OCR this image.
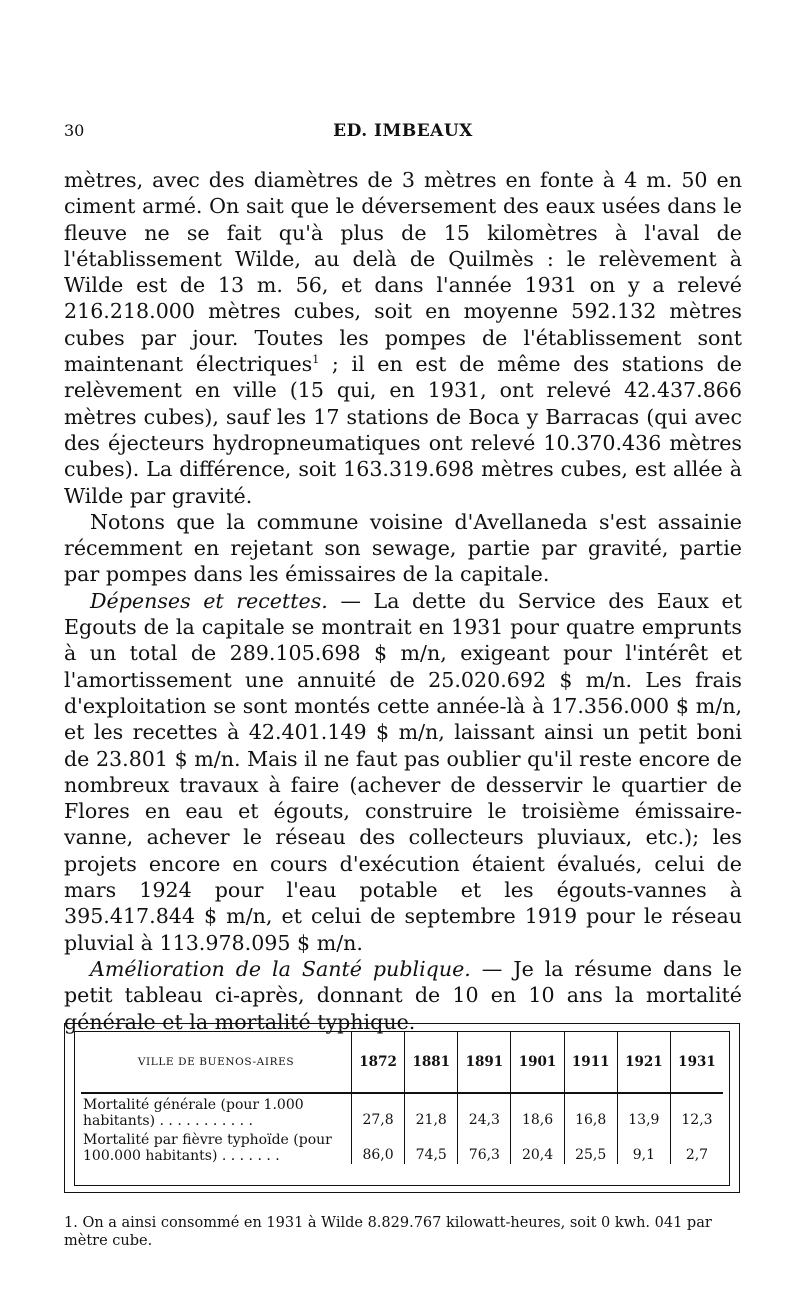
30	ED. IMBEAUX

mètres, avec des diamètres de 3 mètres en fonte à 4 m. 50 en ciment armé. On sait que le déversement des eaux usées dans le fleuve ne se fait qu'à plus de 15 kilomètres à l'aval de l'établissement Wilde, au delà de Quilmès : le relèvement à Wilde est de 13 m. 56, et dans l'année 1931 on y a relevé 216.218.000 mètres cubes, soit en moyenne 592.132 mètres cubes par jour. Toutes les pompes de l'établissement sont maintenant électriques$^1$ ; il en est de même des stations de relèvement en ville (15 qui, en 1931, ont relevé 42.437.866 mètres cubes), sauf les 17 stations de Boca y Barracas (qui avec des éjecteurs hydropneumatiques ont relevé 10.370.436 mètres cubes). La différence, soit 163.319.698 mètres cubes, est allée à Wilde par gravité.

Notons que la commune voisine d'Avellaneda s'est assainie récemment en rejetant son sewage, partie par gravité, partie par pompes dans les émissaires de la capitale.

Dépenses et recettes. — La dette du Service des Eaux et Egouts de la capitale se montrait en 1931 pour quatre emprunts à un total de 289.105.698 $ m/n, exigeant pour l'intérêt et l'amortissement une annuité de 25.020.692 $ m/n. Les frais d'exploitation se sont montés cette année-là à 17.356.000 $ m/n, et les recettes à 42.401.149 $ m/n, laissant ainsi un petit boni de 23.801 $ m/n. Mais il ne faut pas oublier qu'il reste encore de nombreux travaux à faire (achever de desservir le quartier de Flores en eau et égouts, construire le troisième émissaire-vanne, achever le réseau des collecteurs pluviaux, etc.); les projets encore en cours d'exécution étaient évalués, celui de mars 1924 pour l'eau potable et les égouts-vannes à 395.417.844 $ m/n, et celui de septembre 1919 pour le réseau pluvial à 113.978.095 $ m/n.

Amélioration de la Santé publique. — Je la résume dans le petit tableau ci-après, donnant de 10 en 10 ans la mortalité générale et la mortalité typhique.

VILLE DE BUENOS-AIRES	1872	1881	1891	1901	1911	1921	1931
Mortalité générale (pour 1.000 habitants) . . . . . . . . . . .	27,8	21,8	24,3	18,6	16,8	13,9	12,3
Mortalité par fièvre typhoïde (pour 100.000 habitants) . . . . . . .	86,0	74,5	76,3	20,4	25,5	9,1	2,7

1. On a ainsi consommé en 1931 à Wilde 8.829.767 kilowatt-heures, soit 0 kwh. 041 par mètre cube.
